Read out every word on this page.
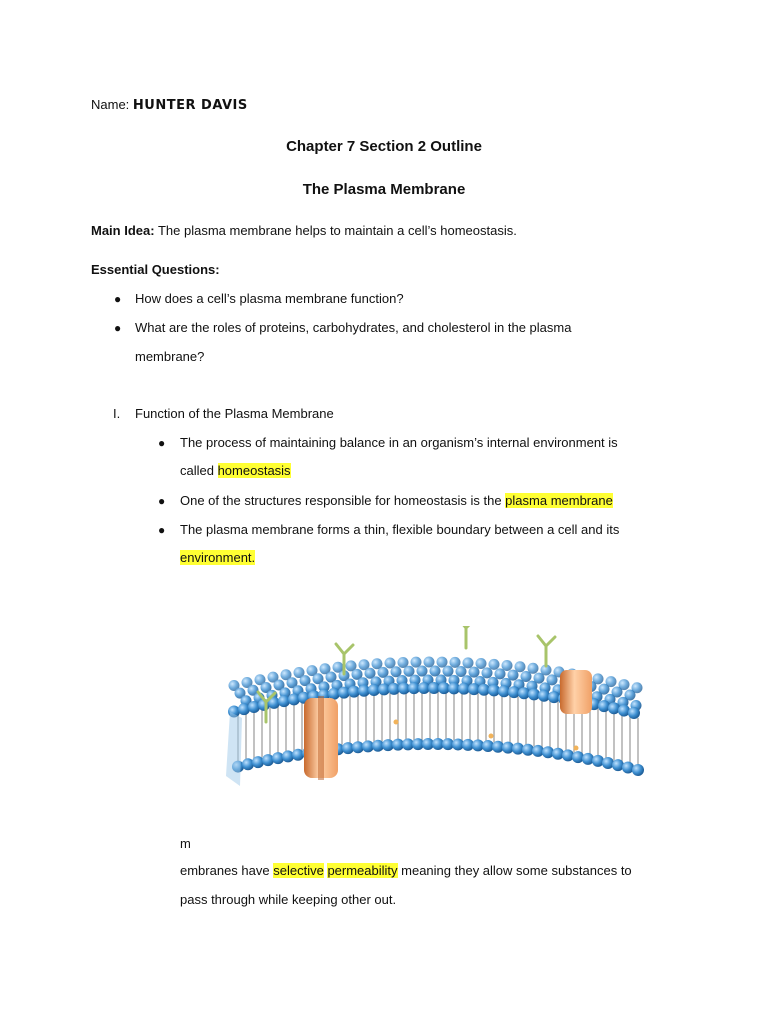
Name: HUNTER DAVIS
Chapter 7 Section 2 Outline
The Plasma Membrane
Main Idea: The plasma membrane helps to maintain a cell’s homeostasis.
Essential Questions:
● How does a cell’s plasma membrane function?
● What are the roles of proteins, carbohydrates, and cholesterol in the plasma
membrane?
I. Function of the Plasma Membrane
● The process of maintaining balance in an organism’s internal environment is
called homeostasis
● One of the structures responsible for homeostasis is the plasma membrane
● The plasma membrane forms a thin, flexible boundary between a cell and its
environment.
m
embranes have selective permeability meaning they allow some substances to
pass through while keeping other out.
